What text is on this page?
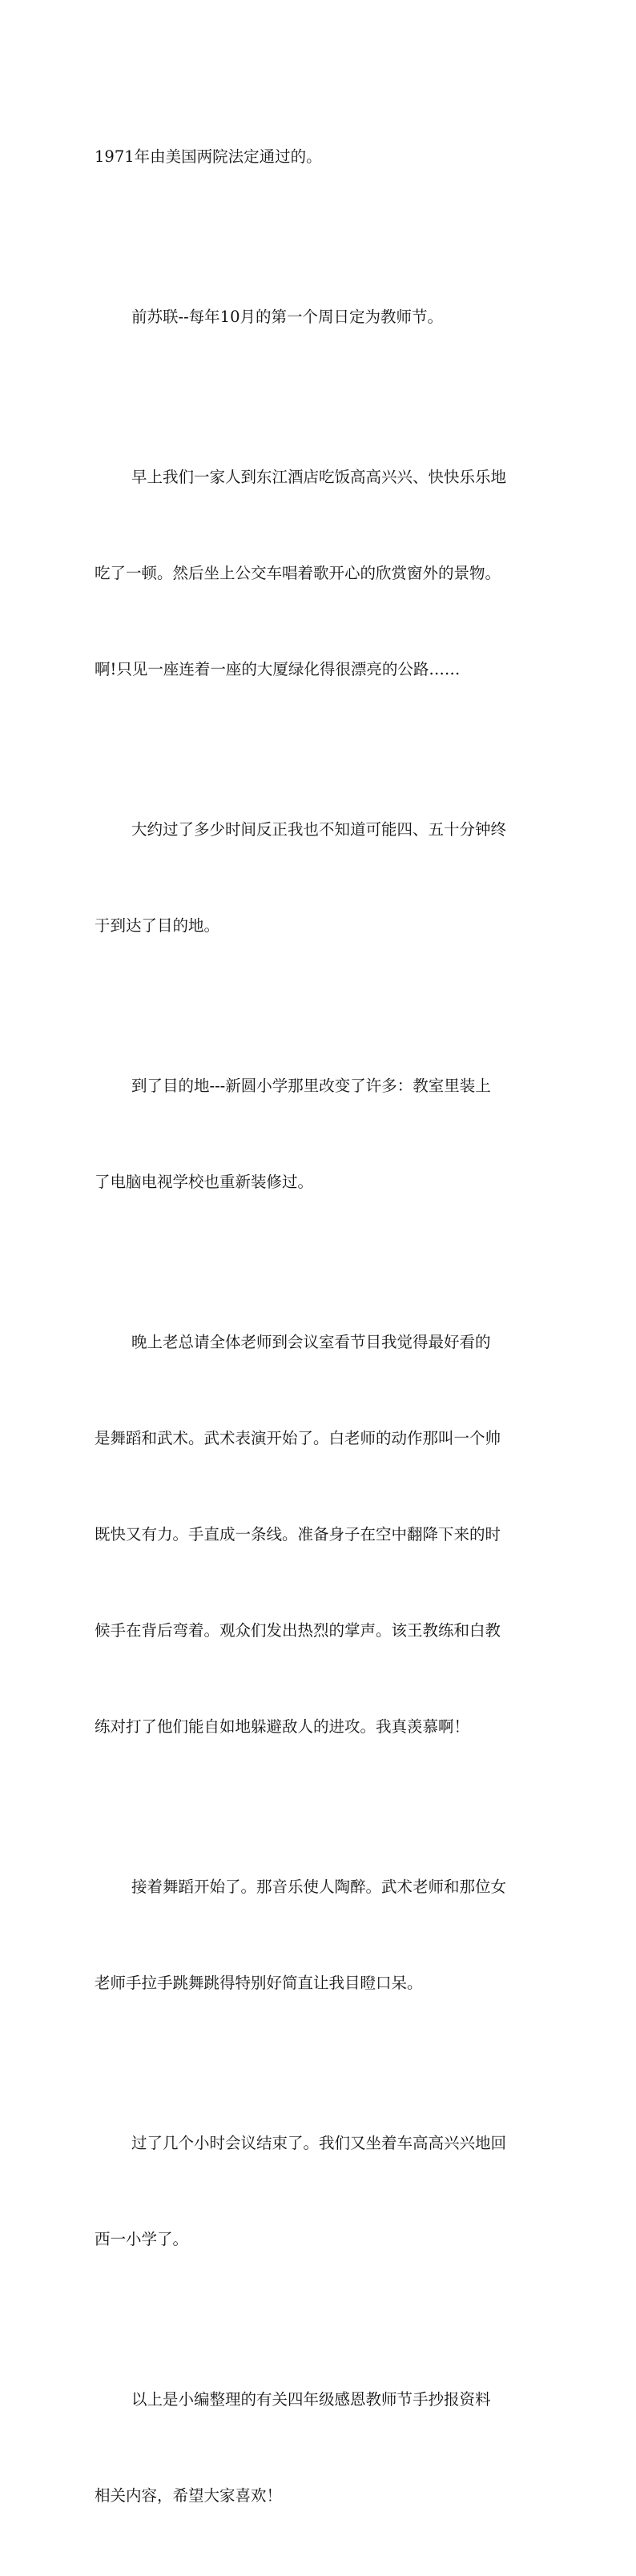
1971年由美国两院法定通过的。

前苏联--每年10月的第一个周日定为教师节。

早上我们一家人到东江酒店吃饭高高兴兴、快快乐乐地

吃了一顿。然后坐上公交车唱着歌开心的欣赏窗外的景物。

啊!只见一座连着一座的大厦绿化得很漂亮的公路……

大约过了多少时间反正我也不知道可能四、五十分钟终

于到达了目的地。

到了目的地---新圆小学那里改变了许多：教室里装上

了电脑电视学校也重新装修过。

晚上老总请全体老师到会议室看节目我觉得最好看的

是舞蹈和武术。武术表演开始了。白老师的动作那叫一个帅

既快又有力。手直成一条线。准备身子在空中翻降下来的时

候手在背后弯着。观众们发出热烈的掌声。该王教练和白教

练对打了他们能自如地躲避敌人的进攻。我真羡慕啊！

接着舞蹈开始了。那音乐使人陶醉。武术老师和那位女

老师手拉手跳舞跳得特别好简直让我目瞪口呆。

过了几个小时会议结束了。我们又坐着车高高兴兴地回

西一小学了。

以上是小编整理的有关四年级感恩教师节手抄报资料

相关内容，希望大家喜欢！
